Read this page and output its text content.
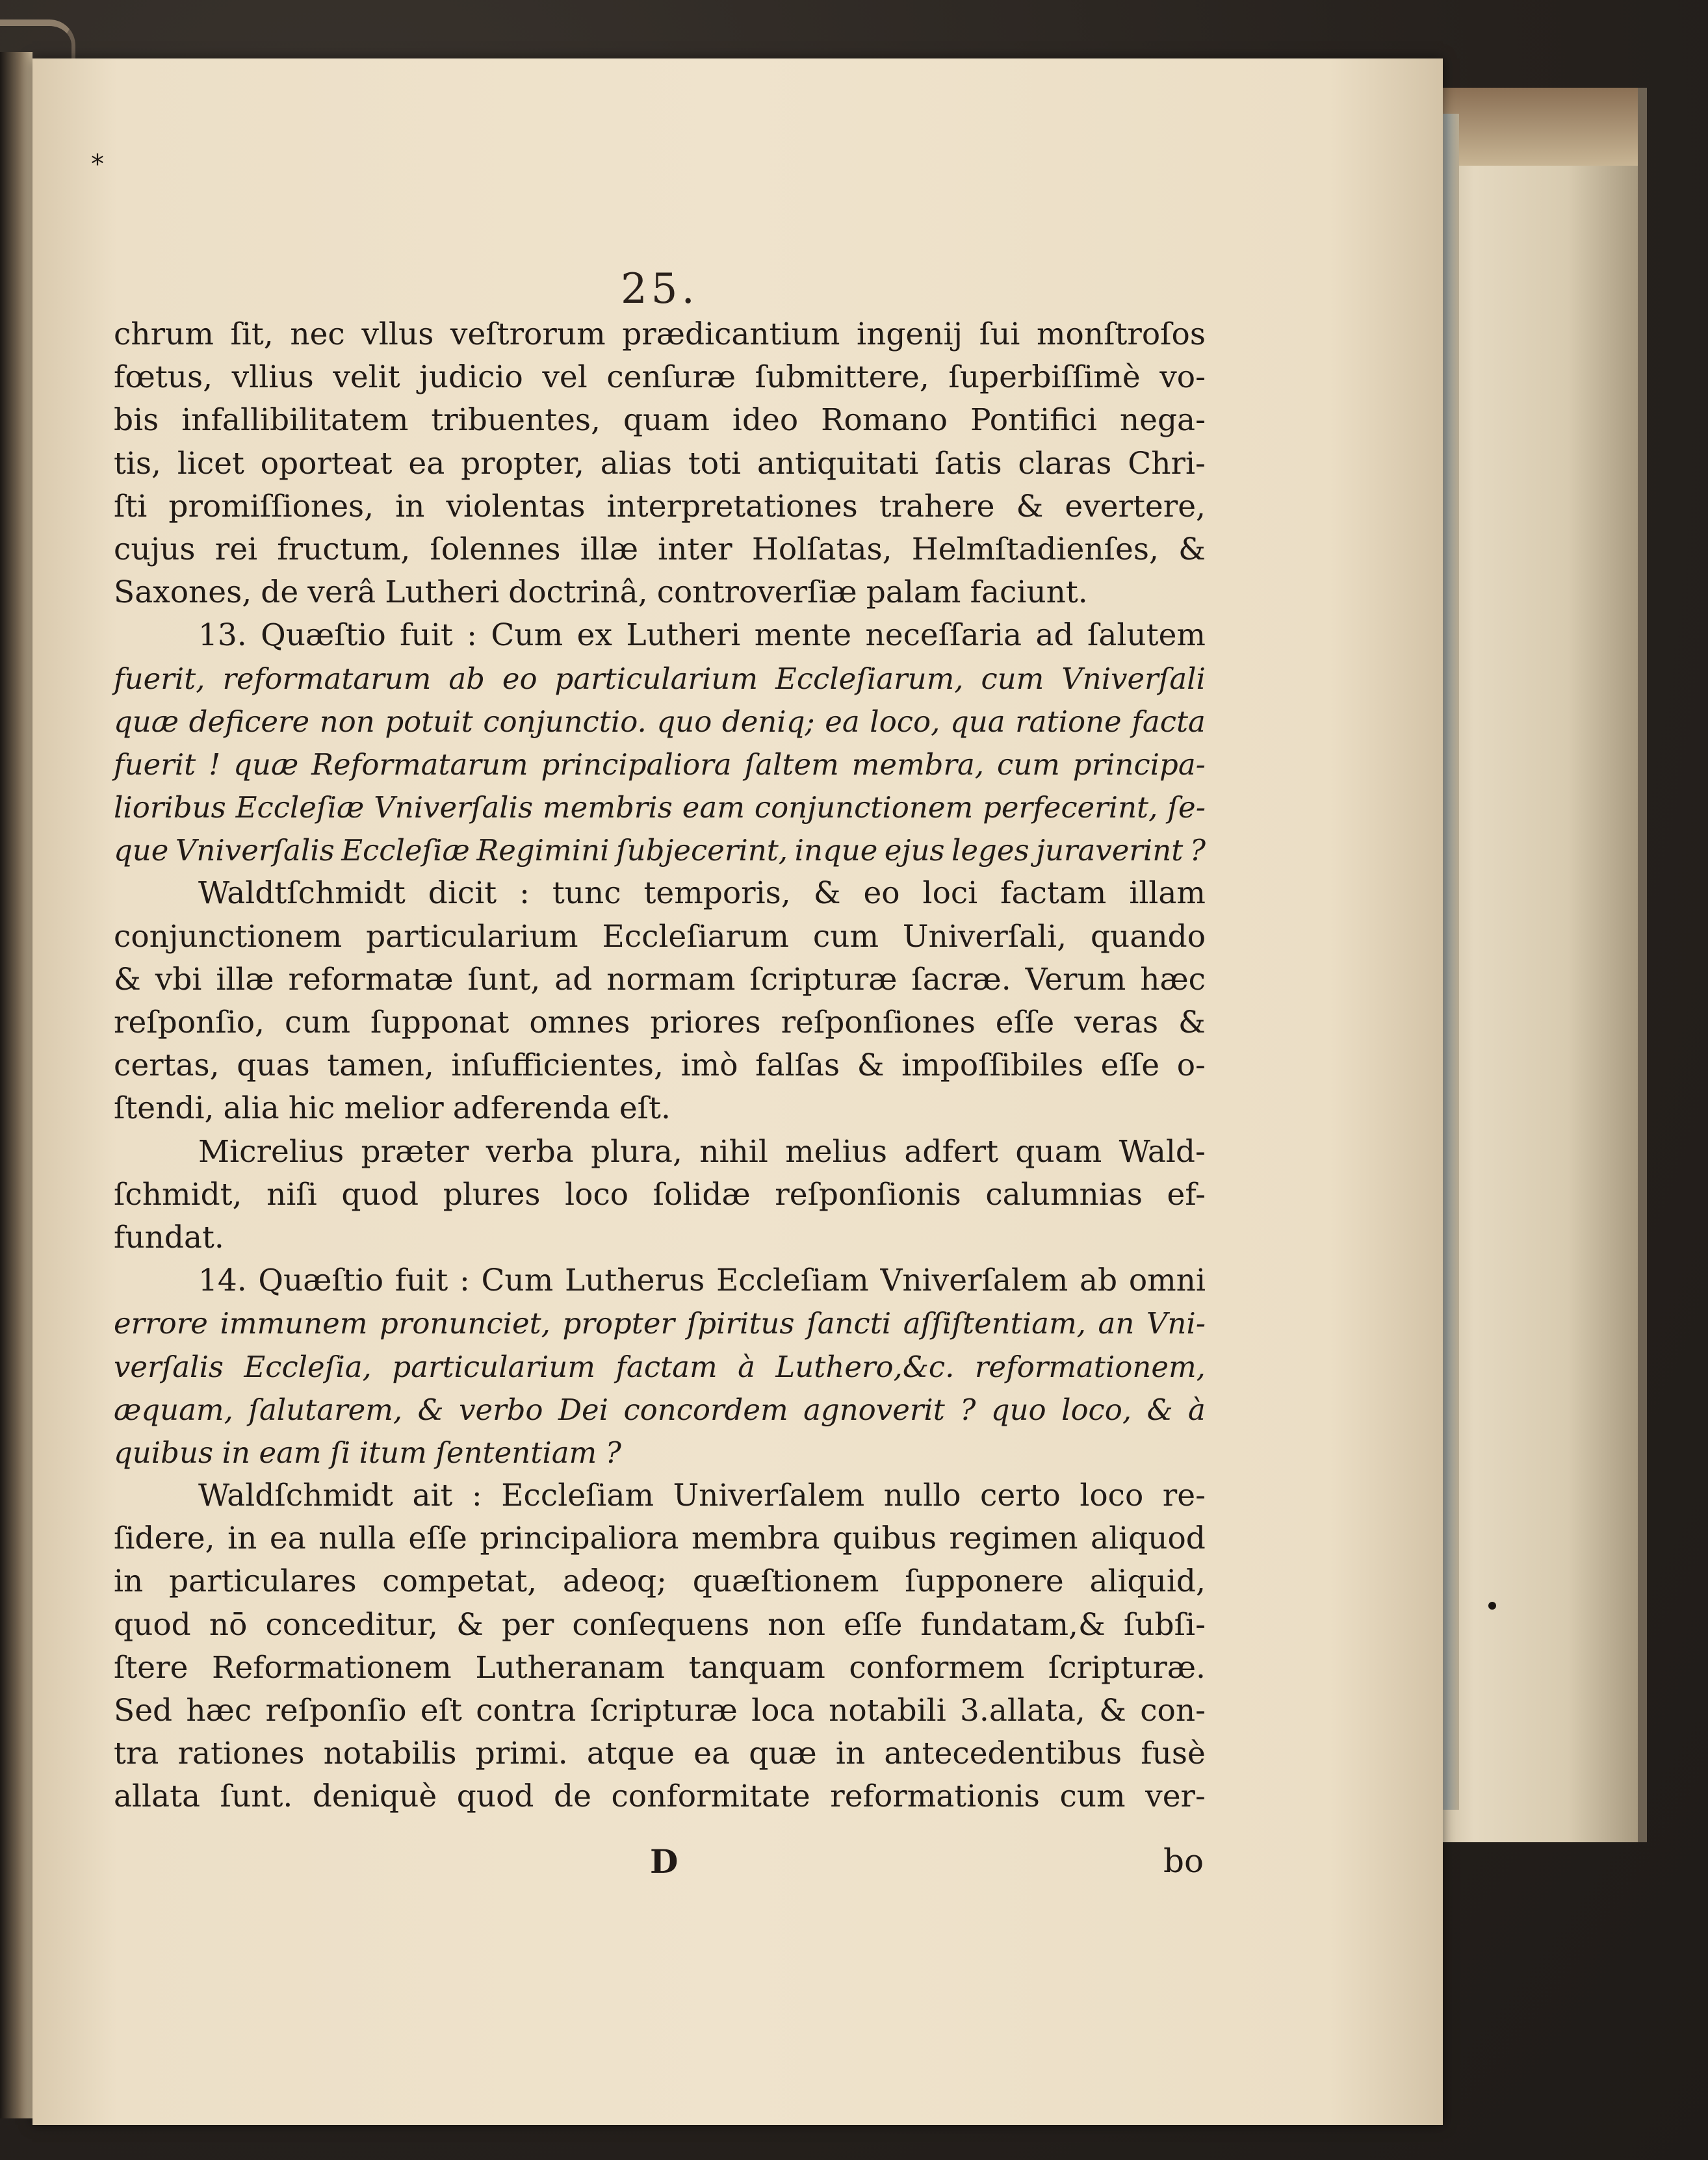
*
25.
chrum ſit, nec vllus veſtrorum prædicantium ingenij ſui monſtroſos
fœtus, vllius velit judicio vel cenſuræ ſubmittere, ſuperbiſſimè vo-
bis infallibilitatem tribuentes, quam ideo Romano Pontifici nega-
tis, licet oporteat ea propter, alias toti antiquitati ſatis claras Chri-
ſti promiſſiones, in violentas interpretationes trahere & evertere,
cujus rei fructum, ſolennes illæ inter Holſatas, Helmſtadienſes, &
Saxones, de verâ Lutheri doctrinâ, controverſiæ palam faciunt.
13. Quæſtio fuit : Cum ex Lutheri mente neceſſaria ad ſalutem
fuerit, reformatarum ab eo particularium Eccleſiarum, cum Vniverſali
quæ deficere non potuit conjunctio. quo deniq; ea loco, qua ratione facta
fuerit ! quæ Reformatarum principaliora ſaltem membra, cum principa-
lioribus Eccleſiæ Vniverſalis membris eam conjunctionem perfecerint, ſe-
que Vniverſalis Eccleſiæ Regimini ſubjecerint, inque ejus leges juraverint ?
Waldtſchmidt dicit : tunc temporis, & eo loci factam illam
conjunctionem particularium Eccleſiarum cum Univerſali, quando
& vbi illæ reformatæ ſunt, ad normam ſcripturæ ſacræ. Verum hæc
reſponſio, cum ſupponat omnes priores reſponſiones eſſe veras &
certas, quas tamen, inſufficientes, imò falſas & impoſſibiles eſſe o-
ſtendi, alia hic melior adferenda eſt.
Micrelius præter verba plura, nihil melius adfert quam Wald-
ſchmidt, niſi quod plures loco ſolidæ reſponſionis calumnias ef-
fundat.
14. Quæſtio fuit : Cum Lutherus Eccleſiam Vniverſalem ab omni
errore immunem pronunciet, propter ſpiritus ſancti aſſiſtentiam, an Vni-
verſalis Eccleſia, particularium factam à Luthero,&c. reformationem,
æquam, ſalutarem, & verbo Dei concordem agnoverit ? quo loco, & à
quibus in eam ſi itum ſententiam ?
Waldſchmidt ait : Eccleſiam Univerſalem nullo certo loco re-
ſidere, in ea nulla eſſe principaliora membra quibus regimen aliquod
in particulares competat, adeoq; quæſtionem ſupponere aliquid,
quod nō conceditur, & per conſequens non eſſe fundatam,& ſubſi-
ſtere Reformationem Lutheranam tanquam conformem ſcripturæ.
Sed hæc reſponſio eſt contra ſcripturæ loca notabili 3.allata, & con-
tra rationes notabilis primi. atque ea quæ in antecedentibus fusè
allata ſunt. deniquè quod de conformitate reformationis cum ver-
D	bo
